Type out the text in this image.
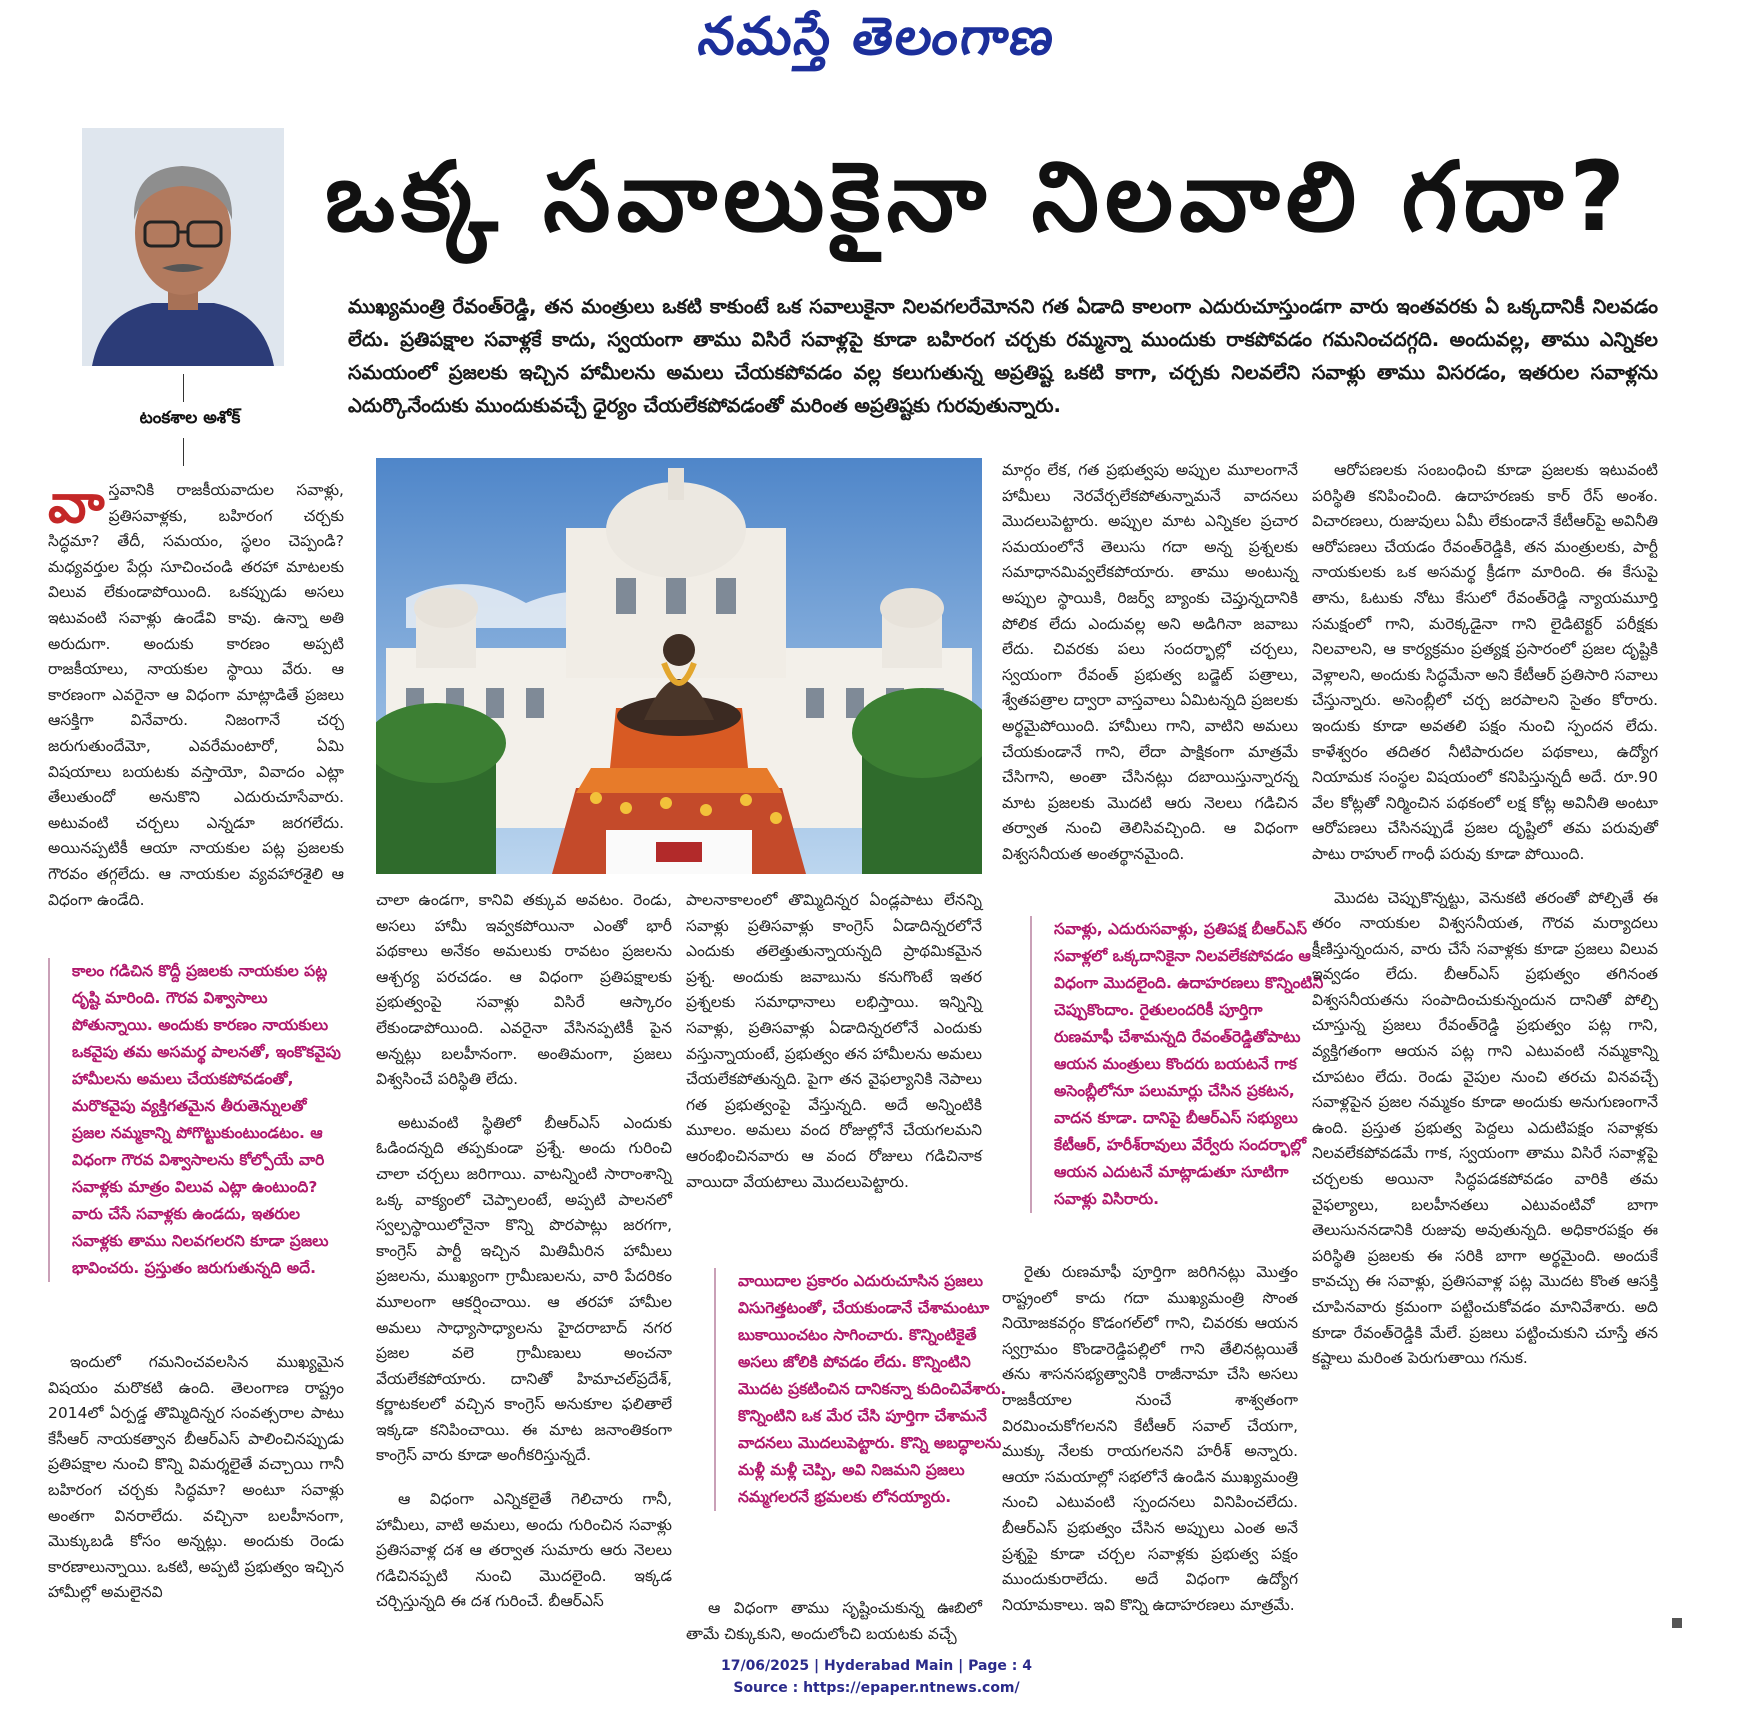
నమస్తే తెలంగాణ
టంకశాల అశోక్
ఒక్క సవాలుకైనా నిలవాలి గదా?
ముఖ్యమంత్రి రేవంత్‌రెడ్డి, తన మంత్రులు ఒకటి కాకుంటే ఒక సవాలుకైనా నిలవగలరేమోనని గత ఏడాది కాలంగా ఎదురుచూస్తుండగా వారు ఇంతవరకు ఏ ఒక్కదానికీ నిలవడం లేదు. ప్రతిపక్షాల సవాళ్లకే కాదు, స్వయంగా తాము విసిరే సవాళ్లపై కూడా బహిరంగ చర్చకు రమ్మన్నా ముందుకు రాకపోవడం గమనించదగ్గది. అందువల్ల, తాము ఎన్నికల సమయంలో ప్రజలకు ఇచ్చిన హామీలను అమలు చేయకపోవడం వల్ల కలుగుతున్న అప్రతిష్ట ఒకటి కాగా, చర్చకు నిలవలేని సవాళ్లు తాము విసరడం, ఇతరుల సవాళ్లను ఎదుర్కొనేందుకు ముందుకువచ్చే ధైర్యం చేయలేకపోవడంతో మరింత అప్రతిష్టకు గురవుతున్నారు.

వాస్తవానికి రాజకీయవాదుల సవాళ్లు, ప్రతిసవాళ్లకు, బహిరంగ చర్చకు సిద్ధమా? తేదీ, సమయం, స్థలం చెప్పండి? మధ్యవర్తుల పేర్లు సూచించండి తరహా మాటలకు విలువ లేకుండాపోయింది. ఒకప్పుడు అసలు ఇటువంటి సవాళ్లు ఉండేవి కావు. ఉన్నా అతి అరుదుగా. అందుకు కారణం అప్పటి రాజకీయాలు, నాయకుల స్థాయి వేరు. ఆ కారణంగా ఎవరైనా ఆ విధంగా మాట్లాడితే ప్రజలు ఆసక్తిగా వినేవారు. నిజంగానే చర్చ జరుగుతుందేమో, ఎవరేమంటారో, ఏమి విషయాలు బయటకు వస్తాయో, వివాదం ఎట్లా తేలుతుందో అనుకొని ఎదురుచూసేవారు. అటువంటి చర్చలు ఎన్నడూ జరగలేదు. అయినప్పటికీ ఆయా నాయకుల పట్ల ప్రజలకు గౌరవం తగ్గలేదు. ఆ నాయకుల వ్యవహారశైలి ఆ విధంగా ఉండేది.

కాలం గడిచిన కొద్దీ ప్రజలకు నాయకుల పట్ల దృష్టి మారింది. గౌరవ విశ్వాసాలు పోతున్నాయి. అందుకు కారణం నాయకులు ఒకవైపు తమ అసమర్థ పాలనతో, ఇంకొకవైపు హామీలను అమలు చేయకపోవడంతో, మరొకవైపు వ్యక్తిగతమైన తీరుతెన్నులతో ప్రజల నమ్మకాన్ని పోగొట్టుకుంటుండటం. ఆ విధంగా గౌరవ విశ్వాసాలను కోల్పోయే వారి సవాళ్లకు మాత్రం విలువ ఎట్లా ఉంటుంది? వారు చేసే సవాళ్లకు ఉండదు, ఇతరుల సవాళ్లకు తాము నిలవగలరని కూడా ప్రజలు భావించరు. ప్రస్తుతం జరుగుతున్నది అదే.

ఇందులో గమనించవలసిన ముఖ్యమైన విషయం మరొకటి ఉంది. తెలంగాణ రాష్ట్రం 2014లో ఏర్పడ్డ తొమ్మిదిన్నర సంవత్సరాల పాటు కేసీఆర్ నాయకత్వాన బీఆర్‌ఎస్ పాలించినప్పుడు ప్రతిపక్షాల నుంచి కొన్ని విమర్శలైతే వచ్చాయి గానీ బహిరంగ చర్చకు సిద్ధమా? అంటూ సవాళ్లు అంతగా వినరాలేదు. వచ్చినా బలహీనంగా, మొక్కుబడి కోసం అన్నట్లు. అందుకు రెండు కారణాలున్నాయి. ఒకటి, అప్పటి ప్రభుత్వం ఇచ్చిన హామీల్లో అమలైనవి

చాలా ఉండగా, కానివి తక్కువ అవటం. రెండు, అసలు హామీ ఇవ్వకపోయినా ఎంతో భారీ పథకాలు అనేకం అమలుకు రావటం ప్రజలను ఆశ్చర్య పరచడం. ఆ విధంగా ప్రతిపక్షాలకు ప్రభుత్వంపై సవాళ్లు విసిరే ఆస్కారం లేకుండాపోయింది. ఎవరైనా వేసినప్పటికీ పైన అన్నట్లు బలహీనంగా. అంతిమంగా, ప్రజలు విశ్వసించే పరిస్థితి లేదు.

అటువంటి స్థితిలో బీఆర్‌ఎస్ ఎందుకు ఓడిందన్నది తప్పకుండా ప్రశ్నే. అందు గురించి చాలా చర్చలు జరిగాయి. వాటన్నింటి సారాంశాన్ని ఒక్క వాక్యంలో చెప్పాలంటే, అప్పటి పాలనలో స్వల్పస్థాయిలోనైనా కొన్ని పొరపాట్లు జరగగా, కాంగ్రెస్ పార్టీ ఇచ్చిన మితిమీరిన హామీలు ప్రజలను, ముఖ్యంగా గ్రామీణులను, వారి పేదరికం మూలంగా ఆకర్షించాయి. ఆ తరహా హామీల అమలు సాధ్యాసాధ్యాలను హైదరాబాద్ నగర ప్రజల వలె గ్రామీణులు అంచనా వేయలేకపోయారు. దానితో హిమాచల్‌ప్రదేశ్, కర్ణాటకలలో వచ్చిన కాంగ్రెస్ అనుకూల ఫలితాలే ఇక్కడా కనిపించాయి. ఈ మాట జనాంతికంగా కాంగ్రెస్ వారు కూడా అంగీకరిస్తున్నదే.

ఆ విధంగా ఎన్నికలైతే గెలిచారు గానీ, హామీలు, వాటి అమలు, అందు గురించిన సవాళ్లు ప్రతిసవాళ్ల దశ ఆ తర్వాత సుమారు ఆరు నెలలు గడిచినప్పటి నుంచి మొదలైంది. ఇక్కడ చర్చిస్తున్నది ఈ దశ గురించే. బీఆర్‌ఎస్

పాలనాకాలంలో తొమ్మిదిన్నర ఏండ్లపాటు లేనన్ని సవాళ్లు ప్రతిసవాళ్లు కాంగ్రెస్ ఏడాదిన్నరలోనే ఎందుకు తలెత్తుతున్నాయన్నది ప్రాథమికమైన ప్రశ్న. అందుకు జవాబును కనుగొంటే ఇతర ప్రశ్నలకు సమాధానాలు లభిస్తాయి. ఇన్నిన్ని సవాళ్లు, ప్రతిసవాళ్లు ఏడాదిన్నరలోనే ఎందుకు వస్తున్నాయంటే, ప్రభుత్వం తన హామీలను అమలు చేయలేకపోతున్నది. పైగా తన వైఫల్యానికి నెపాలు గత ప్రభుత్వంపై వేస్తున్నది. అదే అన్నింటికి మూలం. అమలు వంద రోజుల్లోనే చేయగలమని ఆరంభించినవారు ఆ వంద రోజులు గడిచినాక వాయిదా వేయటాలు మొదలుపెట్టారు.

వాయిదాల ప్రకారం ఎదురుచూసిన ప్రజలు విసుగెత్తటంతో, చేయకుండానే చేశామంటూ బుకాయించటం సాగించారు. కొన్నింటికైతే అసలు జోలికి పోవడం లేదు. కొన్నింటిని మొదట ప్రకటించిన దానికన్నా కుదించివేశారు. కొన్నింటిని ఒక మేర చేసి పూర్తిగా చేశామనే వాదనలు మొదలుపెట్టారు. కొన్ని అబద్ధాలను మళ్లీ మళ్లీ చెప్పి, అవి నిజమని ప్రజలు నమ్మగలరనే భ్రమలకు లోనయ్యారు.

ఆ విధంగా తాము సృష్టించుకున్న ఊబిలో తామే చిక్కుకుని, అందులోంచి బయటకు వచ్చే

మార్గం లేక, గత ప్రభుత్వపు అప్పుల మూలంగానే హామీలు నెరవేర్చలేకపోతున్నామనే వాదనలు మొదలుపెట్టారు. అప్పుల మాట ఎన్నికల ప్రచార సమయంలోనే తెలుసు గదా అన్న ప్రశ్నలకు సమాధానమివ్వలేకపోయారు. తాము అంటున్న అప్పుల స్థాయికి, రిజర్వ్ బ్యాంకు చెప్తున్నదానికి పోలిక లేదు ఎందువల్ల అని అడిగినా జవాబు లేదు. చివరకు పలు సందర్భాల్లో చర్చలు, స్వయంగా రేవంత్ ప్రభుత్వ బడ్జెట్ పత్రాలు, శ్వేతపత్రాల ద్వారా వాస్తవాలు ఏమిటన్నది ప్రజలకు అర్థమైపోయింది. హామీలు గాని, వాటిని అమలు చేయకుండానే గాని, లేదా పాక్షికంగా మాత్రమే చేసిగాని, అంతా చేసినట్లు దబాయిస్తున్నారన్న మాట ప్రజలకు మొదటి ఆరు నెలలు గడిచిన తర్వాత నుంచి తెలిసివచ్చింది. ఆ విధంగా విశ్వసనీయత అంతర్థానమైంది.

సవాళ్లు, ఎదురుసవాళ్లు, ప్రతిపక్ష బీఆర్‌ఎస్ సవాళ్లలో ఒక్కదానికైనా నిలవలేకపోవడం ఆ విధంగా మొదలైంది. ఉదాహరణలు కొన్నింటిని చెప్పుకొందాం. రైతులందరికీ పూర్తిగా రుణమాఫీ చేశామన్నది రేవంత్‌రెడ్డితోపాటు ఆయన మంత్రులు కొందరు బయటనే గాక అసెంబ్లీలోనూ పలుమార్లు చేసిన ప్రకటన, వాదన కూడా. దానిపై బీఆర్‌ఎస్ సభ్యులు కేటీఆర్, హరీశ్‌రావులు వేర్వేరు సందర్భాల్లో ఆయన ఎదుటనే మాట్లాడుతూ సూటిగా సవాళ్లు విసిరారు.

రైతు రుణమాఫీ పూర్తిగా జరిగినట్లు మొత్తం రాష్ట్రంలో కాదు గదా ముఖ్యమంత్రి సొంత నియోజకవర్గం కొడంగల్‌లో గాని, చివరకు ఆయన స్వగ్రామం కొండారెడ్డిపల్లిలో గాని తేలినట్లయితే తను శాసనసభ్యత్వానికి రాజీనామా చేసి అసలు రాజకీయాల నుంచే శాశ్వతంగా విరమించుకోగలనని కేటీఆర్ సవాల్ చేయగా, ముక్కు నేలకు రాయగలనని హరీశ్ అన్నారు. ఆయా సమయాల్లో సభలోనే ఉండిన ముఖ్యమంత్రి నుంచి ఎటువంటి స్పందనలు వినిపించలేదు. బీఆర్‌ఎస్ ప్రభుత్వం చేసిన అప్పులు ఎంత అనే ప్రశ్నపై కూడా చర్చల సవాళ్లకు ప్రభుత్వ పక్షం ముందుకురాలేదు. అదే విధంగా ఉద్యోగ నియామకాలు. ఇవి కొన్ని ఉదాహరణలు మాత్రమే.

ఆరోపణలకు సంబంధించి కూడా ప్రజలకు ఇటువంటి పరిస్థితి కనిపించింది. ఉదాహరణకు కార్ రేస్ అంశం. విచారణలు, రుజువులు ఏమీ లేకుండానే కేటీఆర్‌పై అవినీతి ఆరోపణలు చేయడం రేవంత్‌రెడ్డికి, తన మంత్రులకు, పార్టీ నాయకులకు ఒక అసమర్థ క్రీడగా మారింది. ఈ కేసుపై తాను, ఓటుకు నోటు కేసులో రేవంత్‌రెడ్డి న్యాయమూర్తి సమక్షంలో గాని, మరెక్కడైనా గాని లైడిటెక్టర్ పరీక్షకు నిలవాలని, ఆ కార్యక్రమం ప్రత్యక్ష ప్రసారంలో ప్రజల దృష్టికి వెళ్లాలని, అందుకు సిద్ధమేనా అని కేటీఆర్ ప్రతిసారి సవాలు చేస్తున్నారు. అసెంబ్లీలో చర్చ జరపాలని సైతం కోరారు. ఇందుకు కూడా అవతలి పక్షం నుంచి స్పందన లేదు. కాళేశ్వరం తదితర నీటిపారుదల పథకాలు, ఉద్యోగ నియామక సంస్థల విషయంలో కనిపిస్తున్నదీ అదే. రూ.90 వేల కోట్లతో నిర్మించిన పథకంలో లక్ష కోట్ల అవినీతి అంటూ ఆరోపణలు చేసినప్పుడే ప్రజల దృష్టిలో తమ పరువుతో పాటు రాహుల్ గాంధీ పరువు కూడా పోయింది.

మొదట చెప్పుకొన్నట్టు, వెనుకటి తరంతో పోల్చితే ఈ తరం నాయకుల విశ్వసనీయత, గౌరవ మర్యాదలు క్షీణిస్తున్నందున, వారు చేసే సవాళ్లకు కూడా ప్రజలు విలువ ఇవ్వడం లేదు. బీఆర్‌ఎస్ ప్రభుత్వం తగినంత విశ్వసనీయతను సంపాదించుకున్నందున దానితో పోల్చి చూస్తున్న ప్రజలు రేవంత్‌రెడ్డి ప్రభుత్వం పట్ల గాని, వ్యక్తిగతంగా ఆయన పట్ల గాని ఎటువంటి నమ్మకాన్ని చూపటం లేదు. రెండు వైపుల నుంచి తరచు వినవచ్చే సవాళ్లపైన ప్రజల నమ్మకం కూడా అందుకు అనుగుణంగానే ఉంది. ప్రస్తుత ప్రభుత్వ పెద్దలు ఎదుటిపక్షం సవాళ్లకు నిలవలేకపోవడమే గాక, స్వయంగా తాము విసిరే సవాళ్లపై చర్చలకు అయినా సిద్ధపడకపోవడం వారికి తమ వైఫల్యాలు, బలహీనతలు ఎటువంటివో బాగా తెలుసుననడానికి రుజువు అవుతున్నది. అధికారపక్షం ఈ పరిస్థితి ప్రజలకు ఈ సరికి బాగా అర్థమైంది. అందుకే కావచ్చు ఈ సవాళ్లు, ప్రతిసవాళ్ల పట్ల మొదట కొంత ఆసక్తి చూపినవారు క్రమంగా పట్టించుకోవడం మానివేశారు. అది కూడా రేవంత్‌రెడ్డికి మేలే. ప్రజలు పట్టించుకుని చూస్తే తన కష్టాలు మరింత పెరుగుతాయి గనుక.

17/06/2025 | Hyderabad Main | Page : 4
Source : https://epaper.ntnews.com/
